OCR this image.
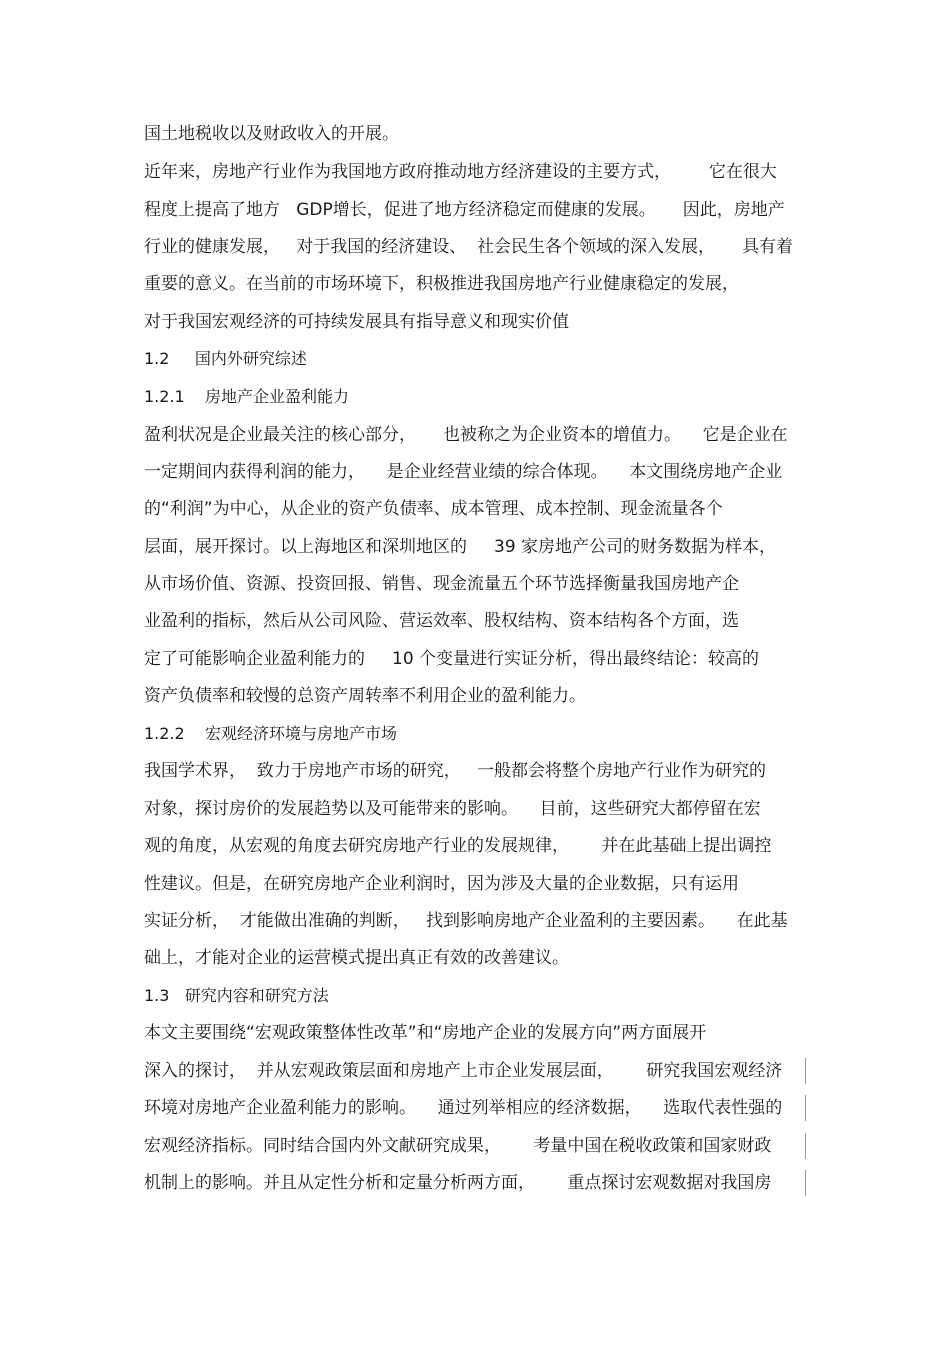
国土地税收以及财政收入的开展。
近年来，房地产行业作为我国地方政府推动地方经济建设的主要方式，       它在很大
程度上提高了地方   GDP增长，促进了地方经济稳定而健康的发展。     因此，房地产
行业的健康发展，   对于我国的经济建设、  社会民生各个领域的深入发展，     具有着
重要的意义。在当前的市场环境下，积极推进我国房地产行业健康稳定的发展，
对于我国宏观经济的可持续发展具有指导意义和现实价值
1.2     国内外研究综述
1.2.1    房地产企业盈利能力
盈利状况是企业最关注的核心部分，     也被称之为企业资本的增值力。    它是企业在
一定期间内获得利润的能力，    是企业经营业绩的综合体现。    本文围绕房地产企业
的“利润”为中心，从企业的资产负债率、成本管理、成本控制、现金流量各个
层面，展开探讨。以上海地区和深圳地区的     39 家房地产公司的财务数据为样本，
从市场价值、资源、投资回报、销售、现金流量五个环节选择衡量我国房地产企
业盈利的指标，然后从公司风险、营运效率、股权结构、资本结构各个方面，选
定了可能影响企业盈利能力的     10 个变量进行实证分析，得出最终结论：较高的
资产负债率和较慢的总资产周转率不利用企业的盈利能力。
1.2.2    宏观经济环境与房地产市场
我国学术界，  致力于房地产市场的研究，   一般都会将整个房地产行业作为研究的
对象，探讨房价的发展趋势以及可能带来的影响。    目前，这些研究大都停留在宏
观的角度，从宏观的角度去研究房地产行业的发展规律，      并在此基础上提出调控
性建议。但是，在研究房地产企业利润时，因为涉及大量的企业数据，只有运用
实证分析，  才能做出准确的判断，   找到影响房地产企业盈利的主要因素。    在此基
础上，才能对企业的运营模式提出真正有效的改善建议。
1.3   研究内容和研究方法
本文主要围绕“宏观政策整体性改革”和“房地产企业的发展方向”两方面展开
深入的探讨，  并从宏观政策层面和房地产上市企业发展层面，      研究我国宏观经济
环境对房地产企业盈利能力的影响。    通过列举相应的经济数据，    选取代表性强的
宏观经济指标。同时结合国内外文献研究成果，      考量中国在税收政策和国家财政
机制上的影响。并且从定性分析和定量分析两方面，      重点探讨宏观数据对我国房
